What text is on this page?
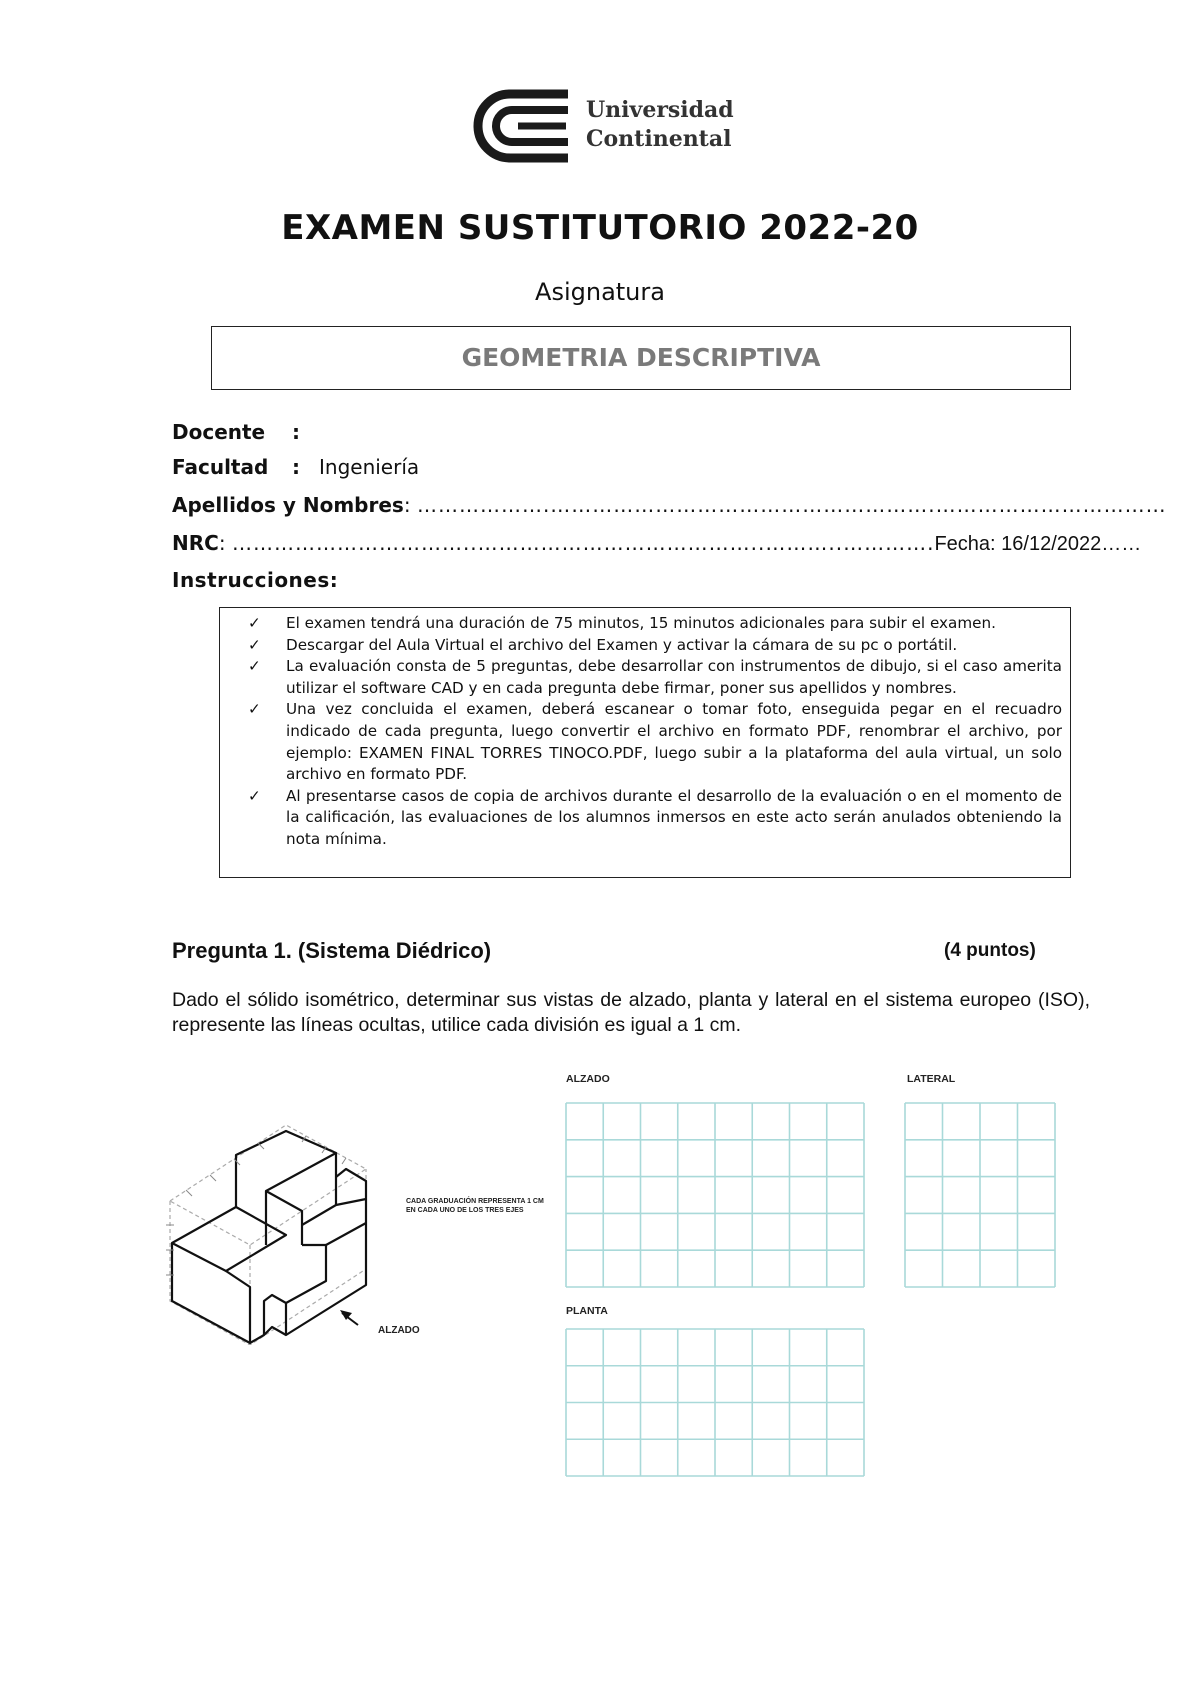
Universidad
Continental
EXAMEN SUSTITUTORIO 2022-20
Asignatura
GEOMETRIA DESCRIPTIVA
Docente :
Facultad : Ingeniería
Apellidos y Nombres: ……………….……………………………………………….……………………………
NRC: ……………………………..…………………………………..………..………….Fecha: 16/12/2022……
Instrucciones:
✓ El examen tendrá una duración de 75 minutos, 15 minutos adicionales para subir el examen.
✓ Descargar del Aula Virtual el archivo del Examen y activar la cámara de su pc o portátil.
✓ La evaluación consta de 5 preguntas, debe desarrollar con instrumentos de dibujo, si el caso amerita utilizar el software CAD y en cada pregunta debe firmar, poner sus apellidos y nombres.
✓ Una vez concluida el examen, deberá escanear o tomar foto, enseguida pegar en el recuadro indicado de cada pregunta, luego convertir el archivo en formato PDF, renombrar el archivo, por ejemplo: EXAMEN FINAL TORRES TINOCO.PDF, luego subir a la plataforma del aula virtual, un solo archivo en formato PDF.
✓ Al presentarse casos de copia de archivos durante el desarrollo de la evaluación o en el momento de la calificación, las evaluaciones de los alumnos inmersos en este acto serán anulados obteniendo la nota mínima.
Pregunta 1. (Sistema Diédrico)	(4 puntos)
Dado el sólido isométrico, determinar sus vistas de alzado, planta y lateral en el sistema europeo (ISO), represente las líneas ocultas, utilice cada división es igual a 1 cm.
CADA GRADUACIÓN REPRESENTA 1 CM
EN CADA UNO DE LOS TRES EJES
ALZADO
ALZADO	LATERAL
PLANTA
